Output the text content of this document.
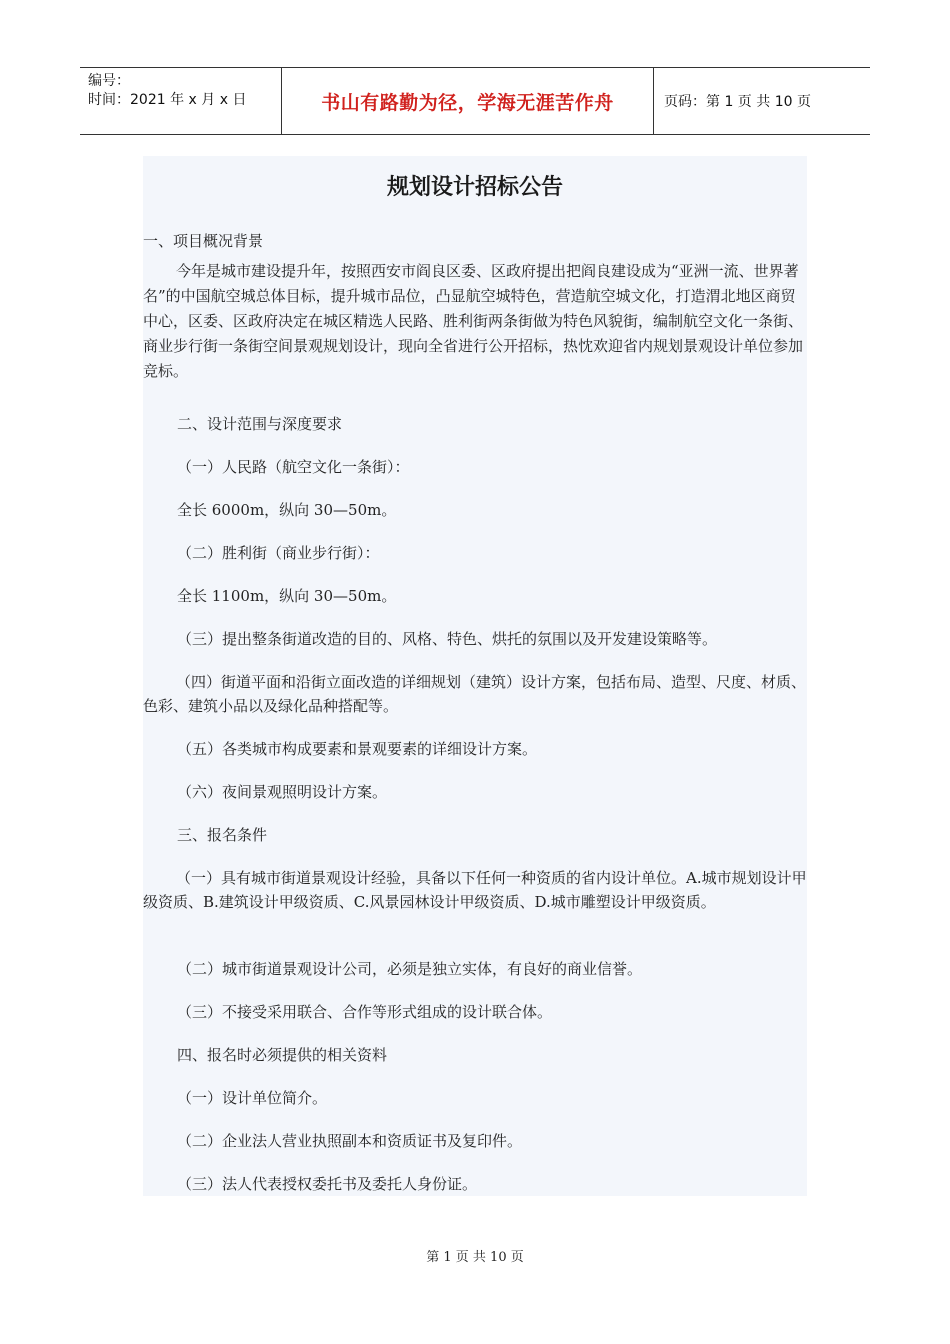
编号：
时间：2021 年 x 月 x 日	书山有路勤为径，学海无涯苦作舟	页码：第 1 页 共 10 页
规划设计招标公告

一、项目概况背景

今年是城市建设提升年，按照西安市阎良区委、区政府提出把阎良建设成为“亚洲一流、世界著名”的中国航空城总体目标，提升城市品位，凸显航空城特色，营造航空城文化，打造渭北地区商贸中心，区委、区政府决定在城区精选人民路、胜利街两条街做为特色风貌街，编制航空文化一条街、商业步行街一条街空间景观规划设计，现向全省进行公开招标，热忱欢迎省内规划景观设计单位参加竞标。

二、设计范围与深度要求

（一）人民路（航空文化一条街）：

全长 6000m，纵向 30—50m。

（二）胜利街（商业步行街）：

全长 1100m，纵向 30—50m。

（三）提出整条街道改造的目的、风格、特色、烘托的氛围以及开发建设策略等。

（四）街道平面和沿街立面改造的详细规划（建筑）设计方案，包括布局、造型、尺度、材质、色彩、建筑小品以及绿化品种搭配等。

（五）各类城市构成要素和景观要素的详细设计方案。

（六）夜间景观照明设计方案。

三、报名条件

（一）具有城市街道景观设计经验，具备以下任何一种资质的省内设计单位。A.城市规划设计甲级资质、B.建筑设计甲级资质、C.风景园林设计甲级资质、D.城市雕塑设计甲级资质。

（二）城市街道景观设计公司，必须是独立实体，有良好的商业信誉。

（三）不接受采用联合、合作等形式组成的设计联合体。

四、报名时必须提供的相关资料

（一）设计单位简介。

（二）企业法人营业执照副本和资质证书及复印件。

（三）法人代表授权委托书及委托人身份证。

第 1 页 共 10 页
